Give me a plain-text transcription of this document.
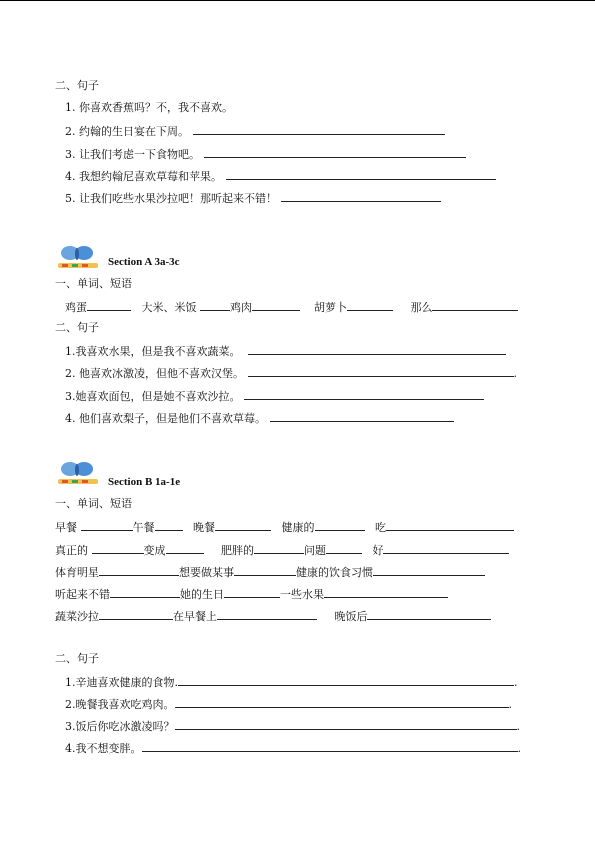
二、句子
1. 你喜欢香蕉吗？不，我不喜欢。
2. 约翰的生日宴在下周。
3. 让我们考虑一下食物吧。
4. 我想约翰尼喜欢草莓和苹果。
5. 让我们吃些水果沙拉吧！那听起来不错！
Section A 3a-3c
一、单词、短语
鸡蛋	大米、米饭	鸡肉	胡萝卜	那么
二、句子
1.我喜欢水果，但是我不喜欢蔬菜。
2. 他喜欢冰激凌，但他不喜欢汉堡。	.
3.她喜欢面包，但是她不喜欢沙拉。
4. 他们喜欢梨子，但是他们不喜欢草莓。
Section B 1a-1e
一、单词、短语
早餐	午餐	晚餐	健康的	吃
真正的	变成	肥胖的	问题	好
体育明星	想要做某事	健康的饮食习惯
听起来不错	她的生日	一些水果
蔬菜沙拉	在早餐上	晚饭后
二、句子
1.辛迪喜欢健康的食物.	.
2.晚餐我喜欢吃鸡肉。	.
3.饭后你吃冰激凌吗？	.
4.我不想变胖。	.
